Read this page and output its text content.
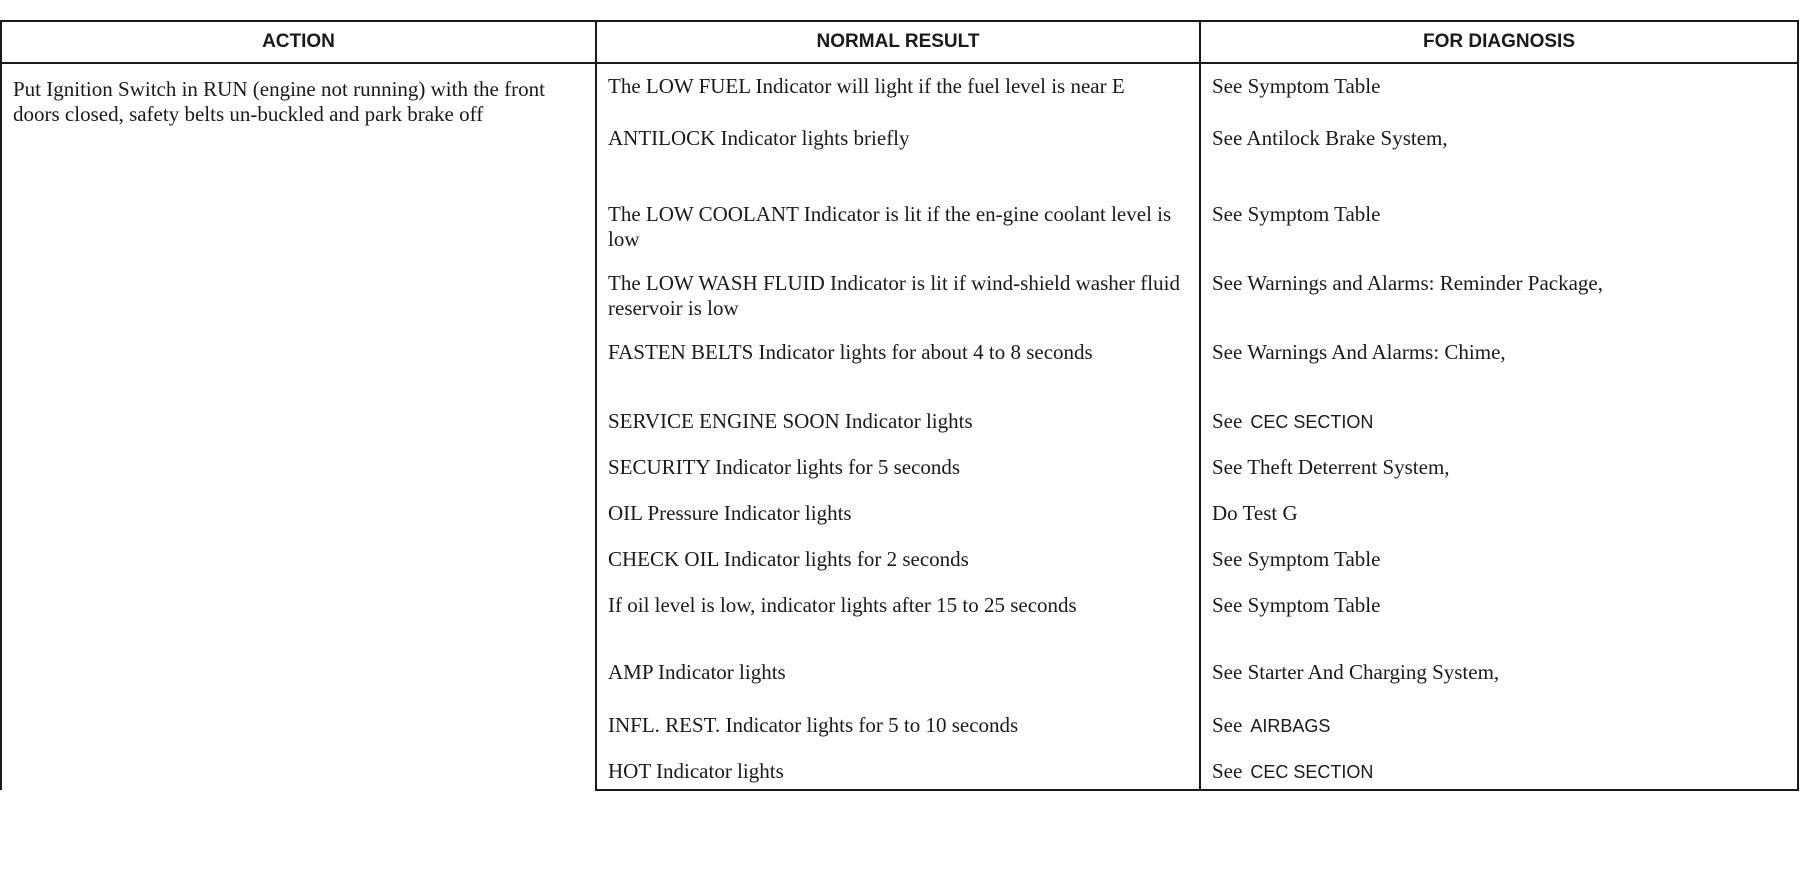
ACTION	NORMAL RESULT	FOR DIAGNOSIS
Put Ignition Switch in RUN (engine not running) with the front doors closed, safety belts un-buckled and park brake off	The LOW FUEL Indicator will light if the fuel level is near E	See Symptom Table
	ANTILOCK Indicator lights briefly	See Antilock Brake System,
	The LOW COOLANT Indicator is lit if the en-gine coolant level is low	See Symptom Table
	The LOW WASH FLUID Indicator is lit if wind-shield washer fluid reservoir is low	See Warnings and Alarms: Reminder Package,
	FASTEN BELTS Indicator lights for about 4 to 8 seconds	See Warnings And Alarms: Chime,
	SERVICE ENGINE SOON Indicator lights	See CEC SECTION
	SECURITY Indicator lights for 5 seconds	See Theft Deterrent System,
	OIL Pressure Indicator lights	Do Test G
	CHECK OIL Indicator lights for 2 seconds	See Symptom Table
	If oil level is low, indicator lights after 15 to 25 seconds	See Symptom Table
	AMP Indicator lights	See Starter And Charging System,
	INFL. REST. Indicator lights for 5 to 10 seconds	See AIRBAGS
	HOT Indicator lights	See CEC SECTION
